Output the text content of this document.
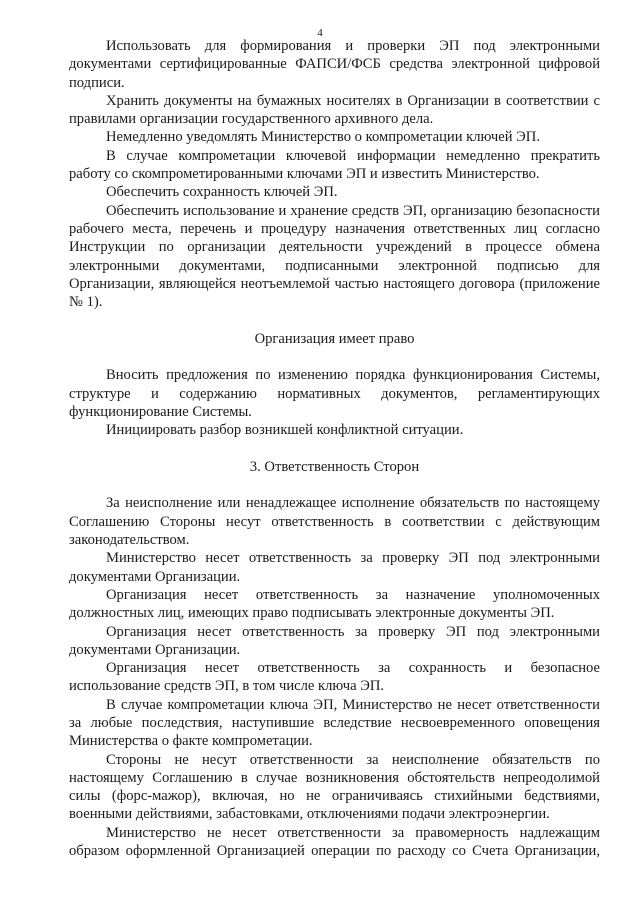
4

Использовать для формирования и проверки ЭП под электронными документами сертифицированные ФАПСИ/ФСБ средства электронной цифровой подписи.

Хранить документы на бумажных носителях в Организации в соответствии с правилами организации государственного архивного дела.

Немедленно уведомлять Министерство о компрометации ключей ЭП.

В случае компрометации ключевой информации немедленно прекратить работу со скомпрометированными ключами ЭП и известить Министерство.

Обеспечить сохранность ключей ЭП.

Обеспечить использование и хранение средств ЭП, организацию безопасности рабочего места, перечень и процедуру назначения ответственных лиц согласно Инструкции по организации деятельности учреждений в процессе обмена электронными документами, подписанными электронной подписью для Организации, являющейся неотъемлемой частью настоящего договора (приложение № 1).

Организация имеет право

Вносить предложения по изменению порядка функционирования Системы, структуре и содержанию нормативных документов, регламентирующих функционирование Системы.

Инициировать разбор возникшей конфликтной ситуации.

3. Ответственность Сторон

За неисполнение или ненадлежащее исполнение обязательств по настоящему Соглашению Стороны несут ответственность в соответствии с действующим законодательством.

Министерство несет ответственность за проверку ЭП под электронными документами Организации.

Организация несет ответственность за назначение уполномоченных должностных лиц, имеющих право подписывать электронные документы ЭП.

Организация несет ответственность за проверку ЭП под электронными документами Организации.

Организация несет ответственность за сохранность и безопасное использование средств ЭП, в том числе ключа ЭП.

В случае компрометации ключа ЭП, Министерство не несет ответственности за любые последствия, наступившие вследствие несвоевременного оповещения Министерства о факте компрометации.

Стороны не несут ответственности за неисполнение обязательств по настоящему Соглашению в случае возникновения обстоятельств непреодолимой силы (форс-мажор), включая, но не ограничиваясь стихийными бедствиями, военными действиями, забастовками, отключениями подачи электроэнергии.

Министерство не несет ответственности за правомерность надлежащим образом оформленной Организацией операции по расходу со Счета Организации,
